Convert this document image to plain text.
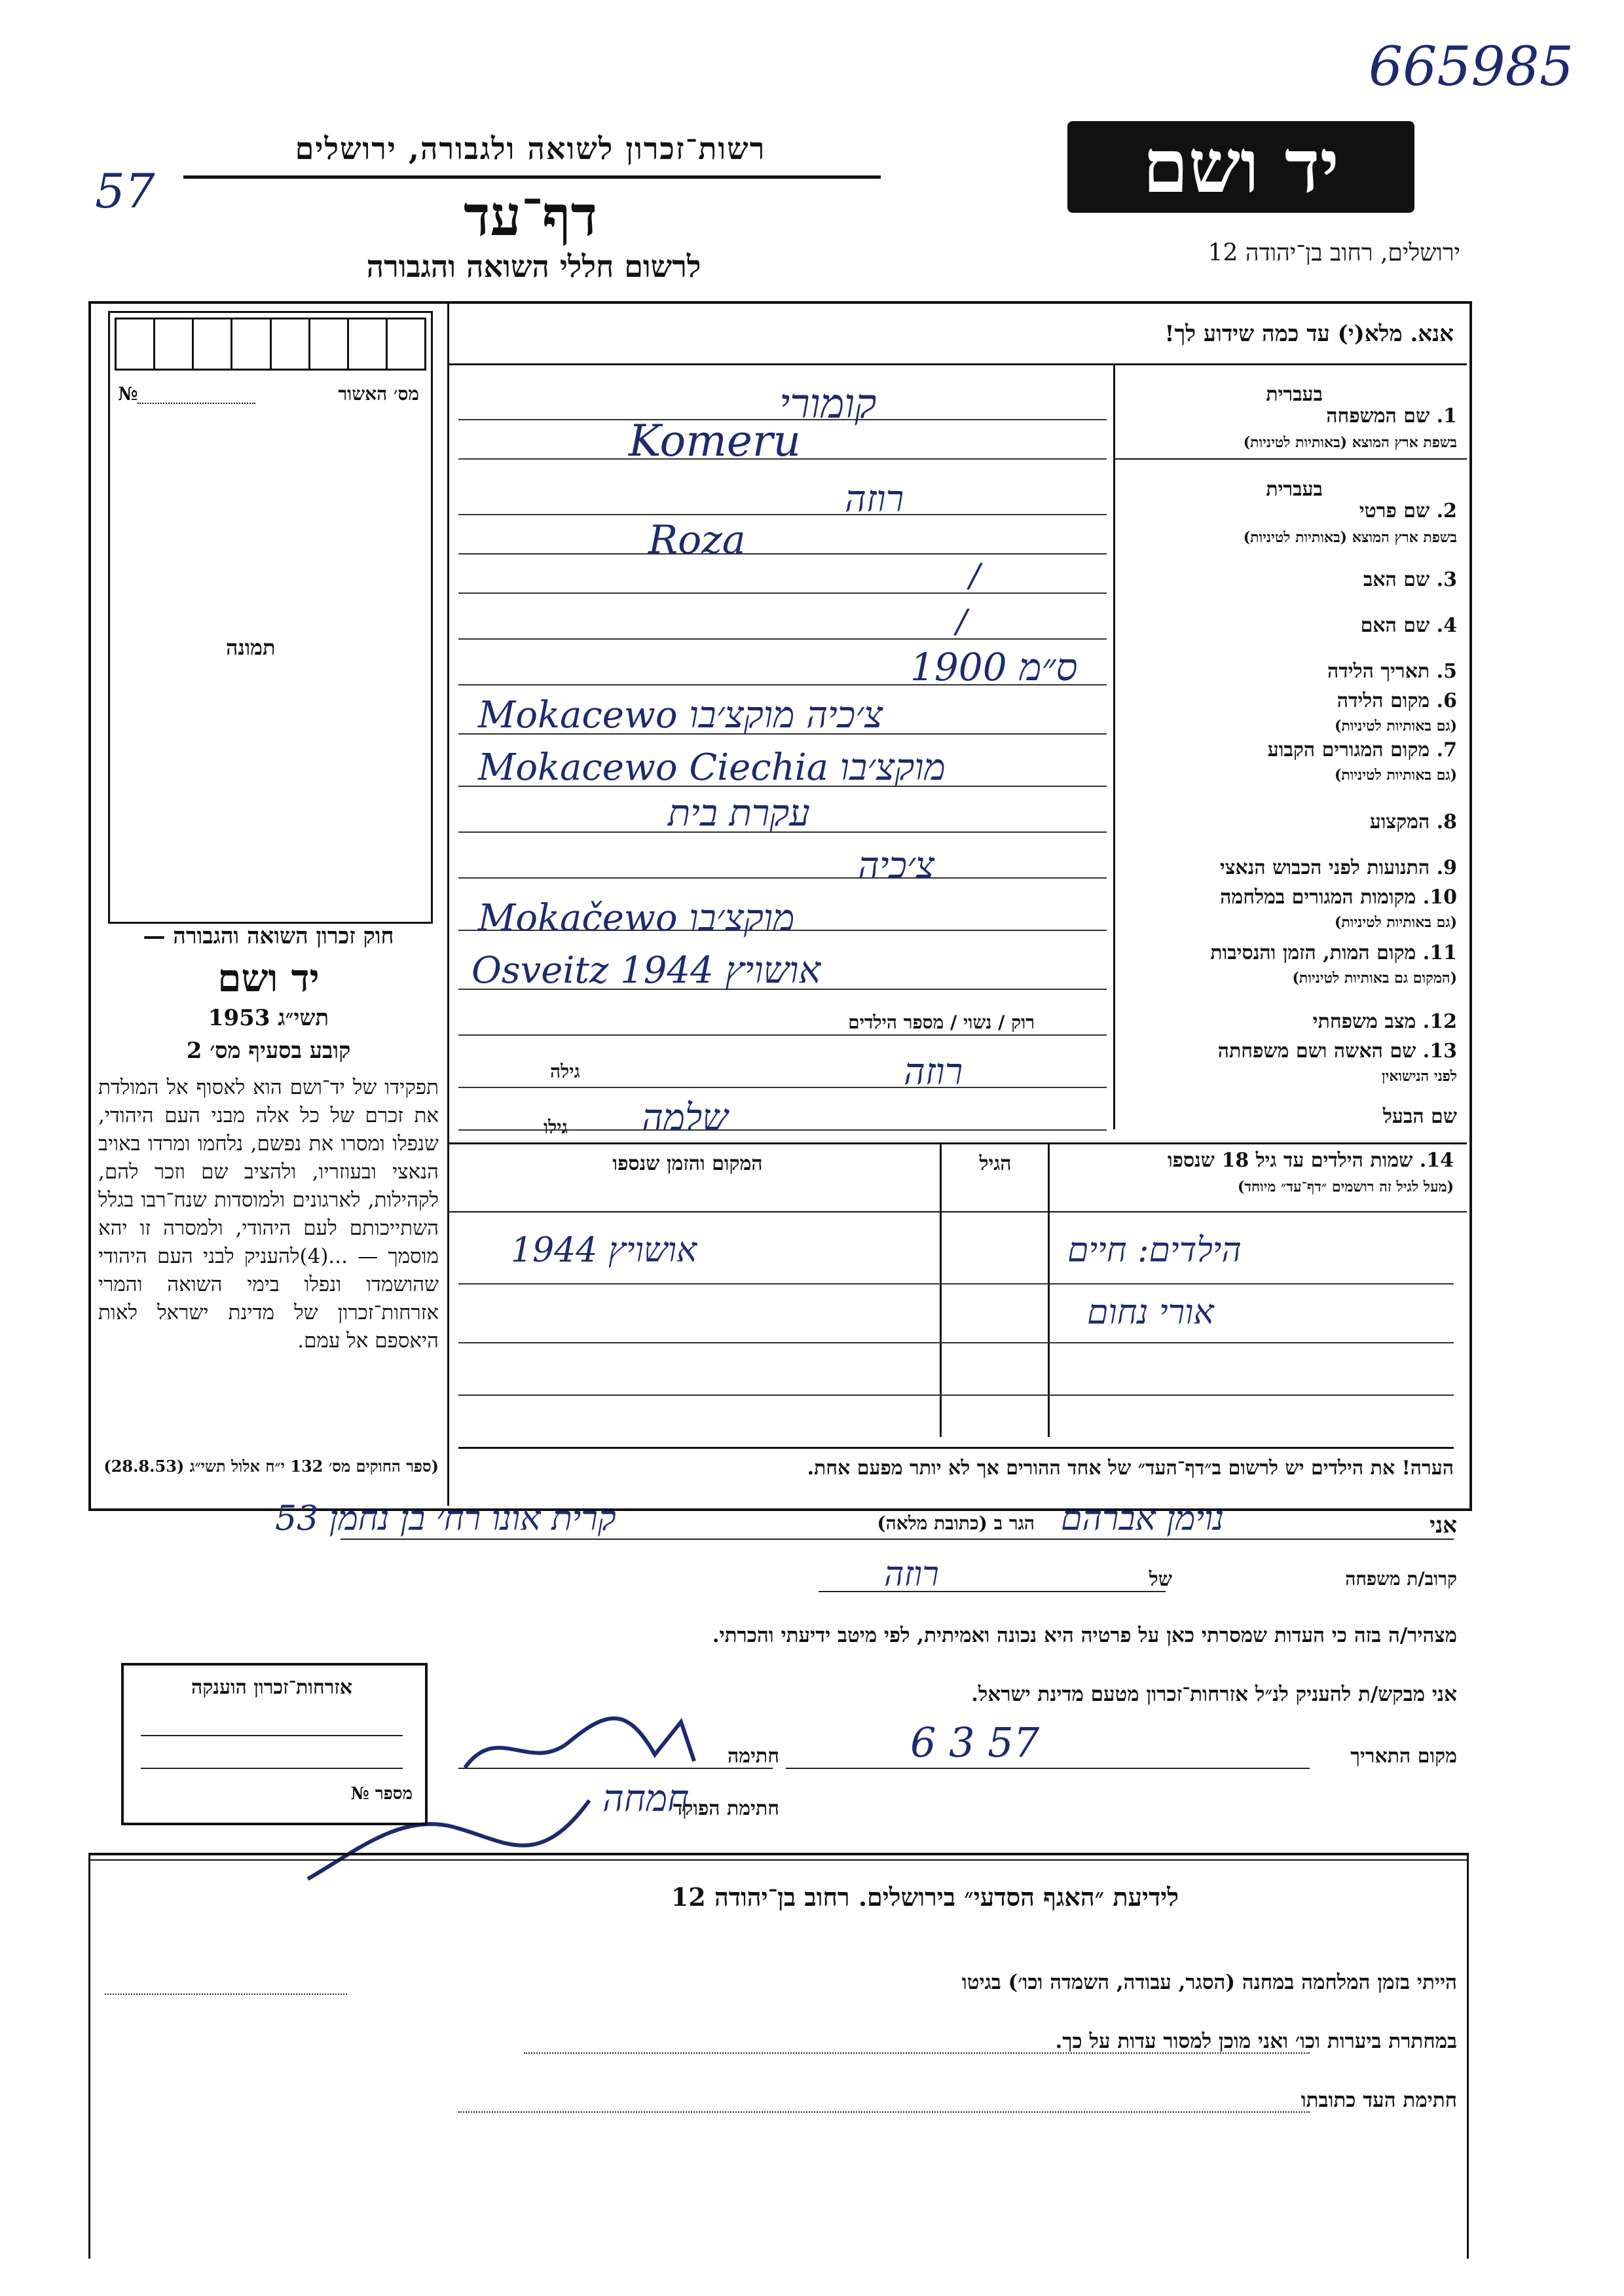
665985
57
רשות־זכרון לשואה ולגבורה, ירושלים
דף־עד
לרשום חללי השואה והגבורה
יד ושם
ירושלים, רחוב בן־יהודה 12
מס׳ האשור
№
תמונה
חוק זכרון השואה והגבורה —
יד ושם
תשי״ג 1953
קובע בסעיף מס׳ 2
תפקידו של יד־ושם הוא לאסוף אל המולדת את זכרם של כל אלה מבני העם היהודי, שנפלו ומסרו את נפשם, נלחמו ומרדו באויב הנאצי ובעוזריו, ולהציב שם וזכר להם, לקהילות, לארגונים ולמוסדות שנח־רבו בגלל השתייכותם לעם היהודי, ולמסרה זו יהא מוסמך — ...(4)להעניק לבני העם היהודי שהושמדו ונפלו בימי השואה והמרי אזרחות־זכרון של מדינת ישראל לאות היאספם אל עמם.
(ספר החוקים מס׳ 132 י״ח אלול תשי״ג (28.8.53)
אנא. מלא(י) עד כמה שידוע לך!
בעברית
1. שם המשפחה
בשפת ארץ המוצא (באותיות לטיניות)
בעברית
2. שם פרטי
בשפת ארץ המוצא (באותיות לטיניות)
3. שם האב
4. שם האם
5. תאריך הלידה
6. מקום הלידה
(גם באותיות לטיניות)
7. מקום המגורים הקבוע
(גם באותיות לטיניות)
8. המקצוע
9. התנועות לפני הכבוש הנאצי
10. מקומות המגורים במלחמה
(גם באותיות לטיניות)
11. מקום המות, הזמן והנסיבות
(המקום גם באותיות לטיניות)
12. מצב משפחתי
13. שם האשה ושם משפחתה
לפני הנישואין
שם הבעל
קומורי
Komeru
רוזה
Roza
/
/
1900 ס״מ
Mokacewo צ׳כיה מוקצ׳בו
Mokacewo Ciechia מוקצ׳בו
עקרת בית
צ׳כיה
Mokačewo מוקצ׳בו
Osveitz אושויץ 1944
רוק / נשוי / מספר הילדים
רוזה
גילה
שלמה
גילו
המקום והזמן שנספו	הגיל	14. שמות הילדים עד גיל 18 שנספו
(מעל לגיל זה רושמים ״דף־עד״ מיוחד)
הילדים: חיים
אושויץ 1944
אורי נחום
הערה! את הילדים יש לרשום ב״דף־העד״ של אחד ההורים אך לא יותר מפעם אחת.
אני
נוימן אברהם
הגר ב (כתובת מלאה)
קרית אונו רח׳ בן נחמן 53
קרוב/ת משפחה
של
רוזה
מצהיר/ה בזה כי העדות שמסרתי כאן על פרטיה היא נכונה ואמיתית, לפי מיטב ידיעתי והכרתי.
אני מבקש/ת להעניק לנ״ל אזרחות־זכרון מטעם מדינת ישראל.
מקום התאריך
6 3 57
חתימה
חתימת הפוקד
חמחה
אזרחות־זכרון הוענקה
מספר №
לידיעת ״האגף הסדעי״ בירושלים. רחוב בן־יהודה 12
הייתי בזמן המלחמה במחנה (הסגר, עבודה, השמדה וכו׳) בגיטו
במחתרת ביערות וכו׳ ואני מוכן למסור עדות על כך.
חתימת העד כתובתו
